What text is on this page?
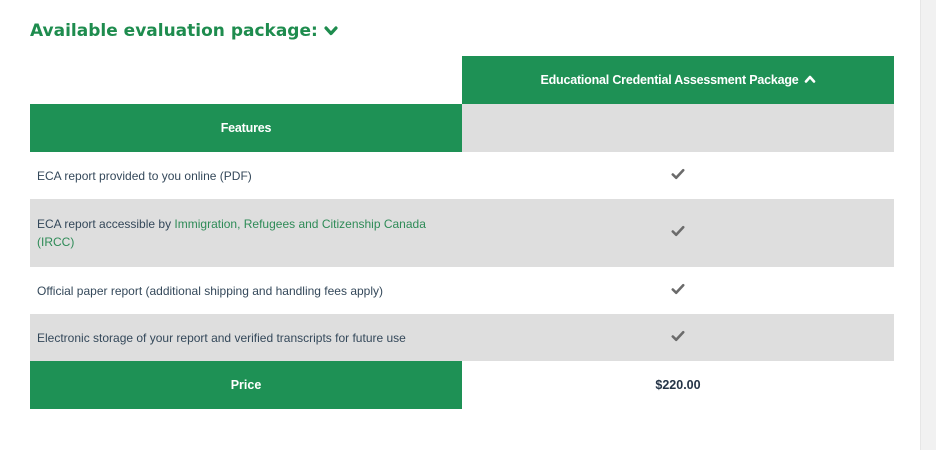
Available evaluation package:
Educational Credential Assessment Package
Features
ECA report provided to you online (PDF)
ECA report accessible by Immigration, Refugees and Citizenship Canada (IRCC)
Official paper report (additional shipping and handling fees apply)
Electronic storage of your report and verified transcripts for future use
Price	$220.00
